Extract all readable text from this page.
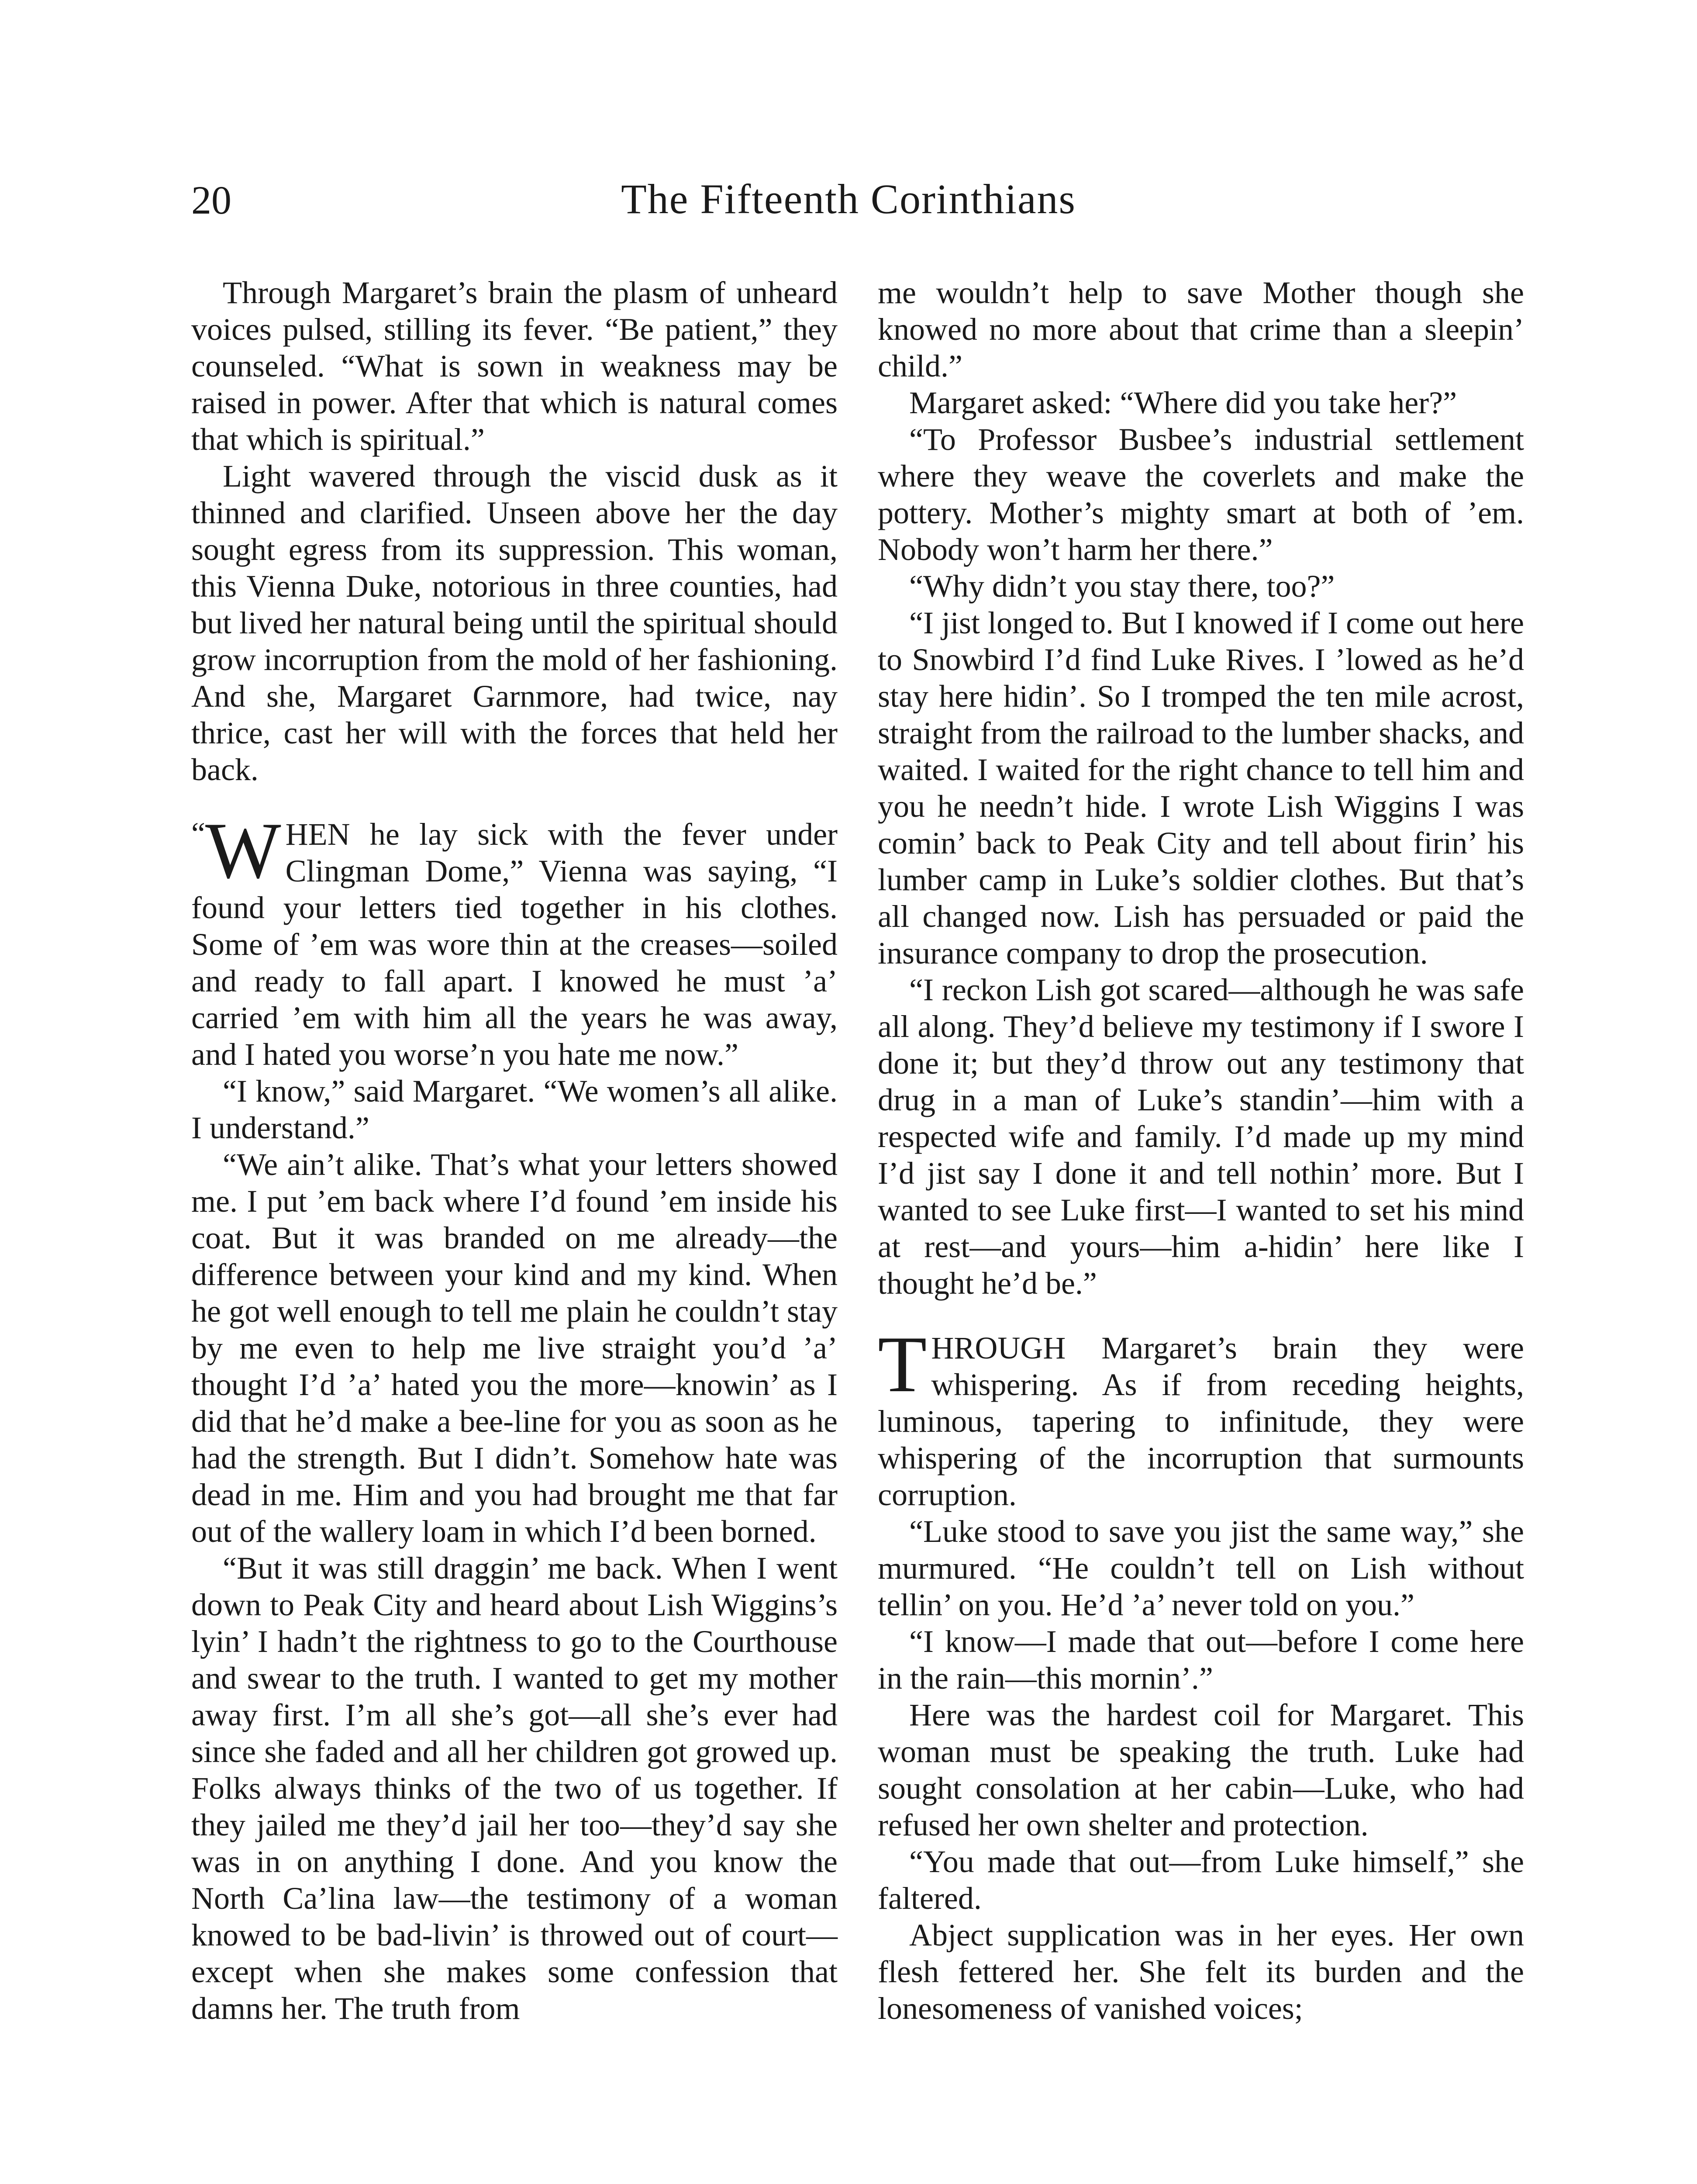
20	The Fifteenth Corinthians

Through Margaret’s brain the plasm of unheard voices pulsed, stilling its fever. “Be patient,” they counseled. “What is sown in weakness may be raised in power. After that which is natural comes that which is spiritual.”

Light wavered through the viscid dusk as it thinned and clarified. Unseen above her the day sought egress from its suppression. This woman, this Vienna Duke, notorious in three counties, had but lived her natural being until the spiritual should grow incorruption from the mold of her fashioning. And she, Margaret Garnmore, had twice, nay thrice, cast her will with the forces that held her back.

“W HEN he lay sick with the fever under Clingman Dome,” Vienna was saying, “I found your letters tied together in his clothes. Some of ’em was wore thin at the creases—soiled and ready to fall apart. I knowed he must ’a’ carried ’em with him all the years he was away, and I hated you worse’n you hate me now.”

“I know,” said Margaret. “We women’s all alike. I understand.”

“We ain’t alike. That’s what your letters showed me. I put ’em back where I’d found ’em inside his coat. But it was branded on me already—the difference between your kind and my kind. When he got well enough to tell me plain he couldn’t stay by me even to help me live straight you’d ’a’ thought I’d ’a’ hated you the more—knowin’ as I did that he’d make a bee-line for you as soon as he had the strength. But I didn’t. Somehow hate was dead in me. Him and you had brought me that far out of the wallery loam in which I’d been borned.

“But it was still draggin’ me back. When I went down to Peak City and heard about Lish Wiggins’s lyin’ I hadn’t the rightness to go to the Courthouse and swear to the truth. I wanted to get my mother away first. I’m all she’s got—all she’s ever had since she faded and all her children got growed up. Folks always thinks of the two of us together. If they jailed me they’d jail her too—they’d say she was in on anything I done. And you know the North Ca’lina law—the testimony of a woman knowed to be bad-livin’ is throwed out of court—except when she makes some confession that damns her. The truth from

me wouldn’t help to save Mother though she knowed no more about that crime than a sleepin’ child.”

Margaret asked: “Where did you take her?”

“To Professor Busbee’s industrial settlement where they weave the coverlets and make the pottery. Mother’s mighty smart at both of ’em. Nobody won’t harm her there.”

“Why didn’t you stay there, too?”

“I jist longed to. But I knowed if I come out here to Snowbird I’d find Luke Rives. I ’lowed as he’d stay here hidin’. So I tromped the ten mile acrost, straight from the railroad to the lumber shacks, and waited. I waited for the right chance to tell him and you he needn’t hide. I wrote Lish Wiggins I was comin’ back to Peak City and tell about firin’ his lumber camp in Luke’s soldier clothes. But that’s all changed now. Lish has persuaded or paid the insurance company to drop the prosecution.

“I reckon Lish got scared—although he was safe all along. They’d believe my testimony if I swore I done it; but they’d throw out any testimony that drug in a man of Luke’s standin’—him with a respected wife and family. I’d made up my mind I’d jist say I done it and tell nothin’ more. But I wanted to see Luke first—I wanted to set his mind at rest—and yours—him a-hidin’ here like I thought he’d be.”

THROUGH Margaret’s brain they were whispering. As if from receding heights, luminous, tapering to infinitude, they were whispering of the incorruption that surmounts corruption.

“Luke stood to save you jist the same way,” she murmured. “He couldn’t tell on Lish without tellin’ on you. He’d ’a’ never told on you.”

“I know—I made that out—before I come here in the rain—this mornin’.”

Here was the hardest coil for Margaret. This woman must be speaking the truth. Luke had sought consolation at her cabin—Luke, who had refused her own shelter and protection.

“You made that out—from Luke himself,” she faltered.

Abject supplication was in her eyes. Her own flesh fettered her. She felt its burden and the lonesomeness of vanished voices;
